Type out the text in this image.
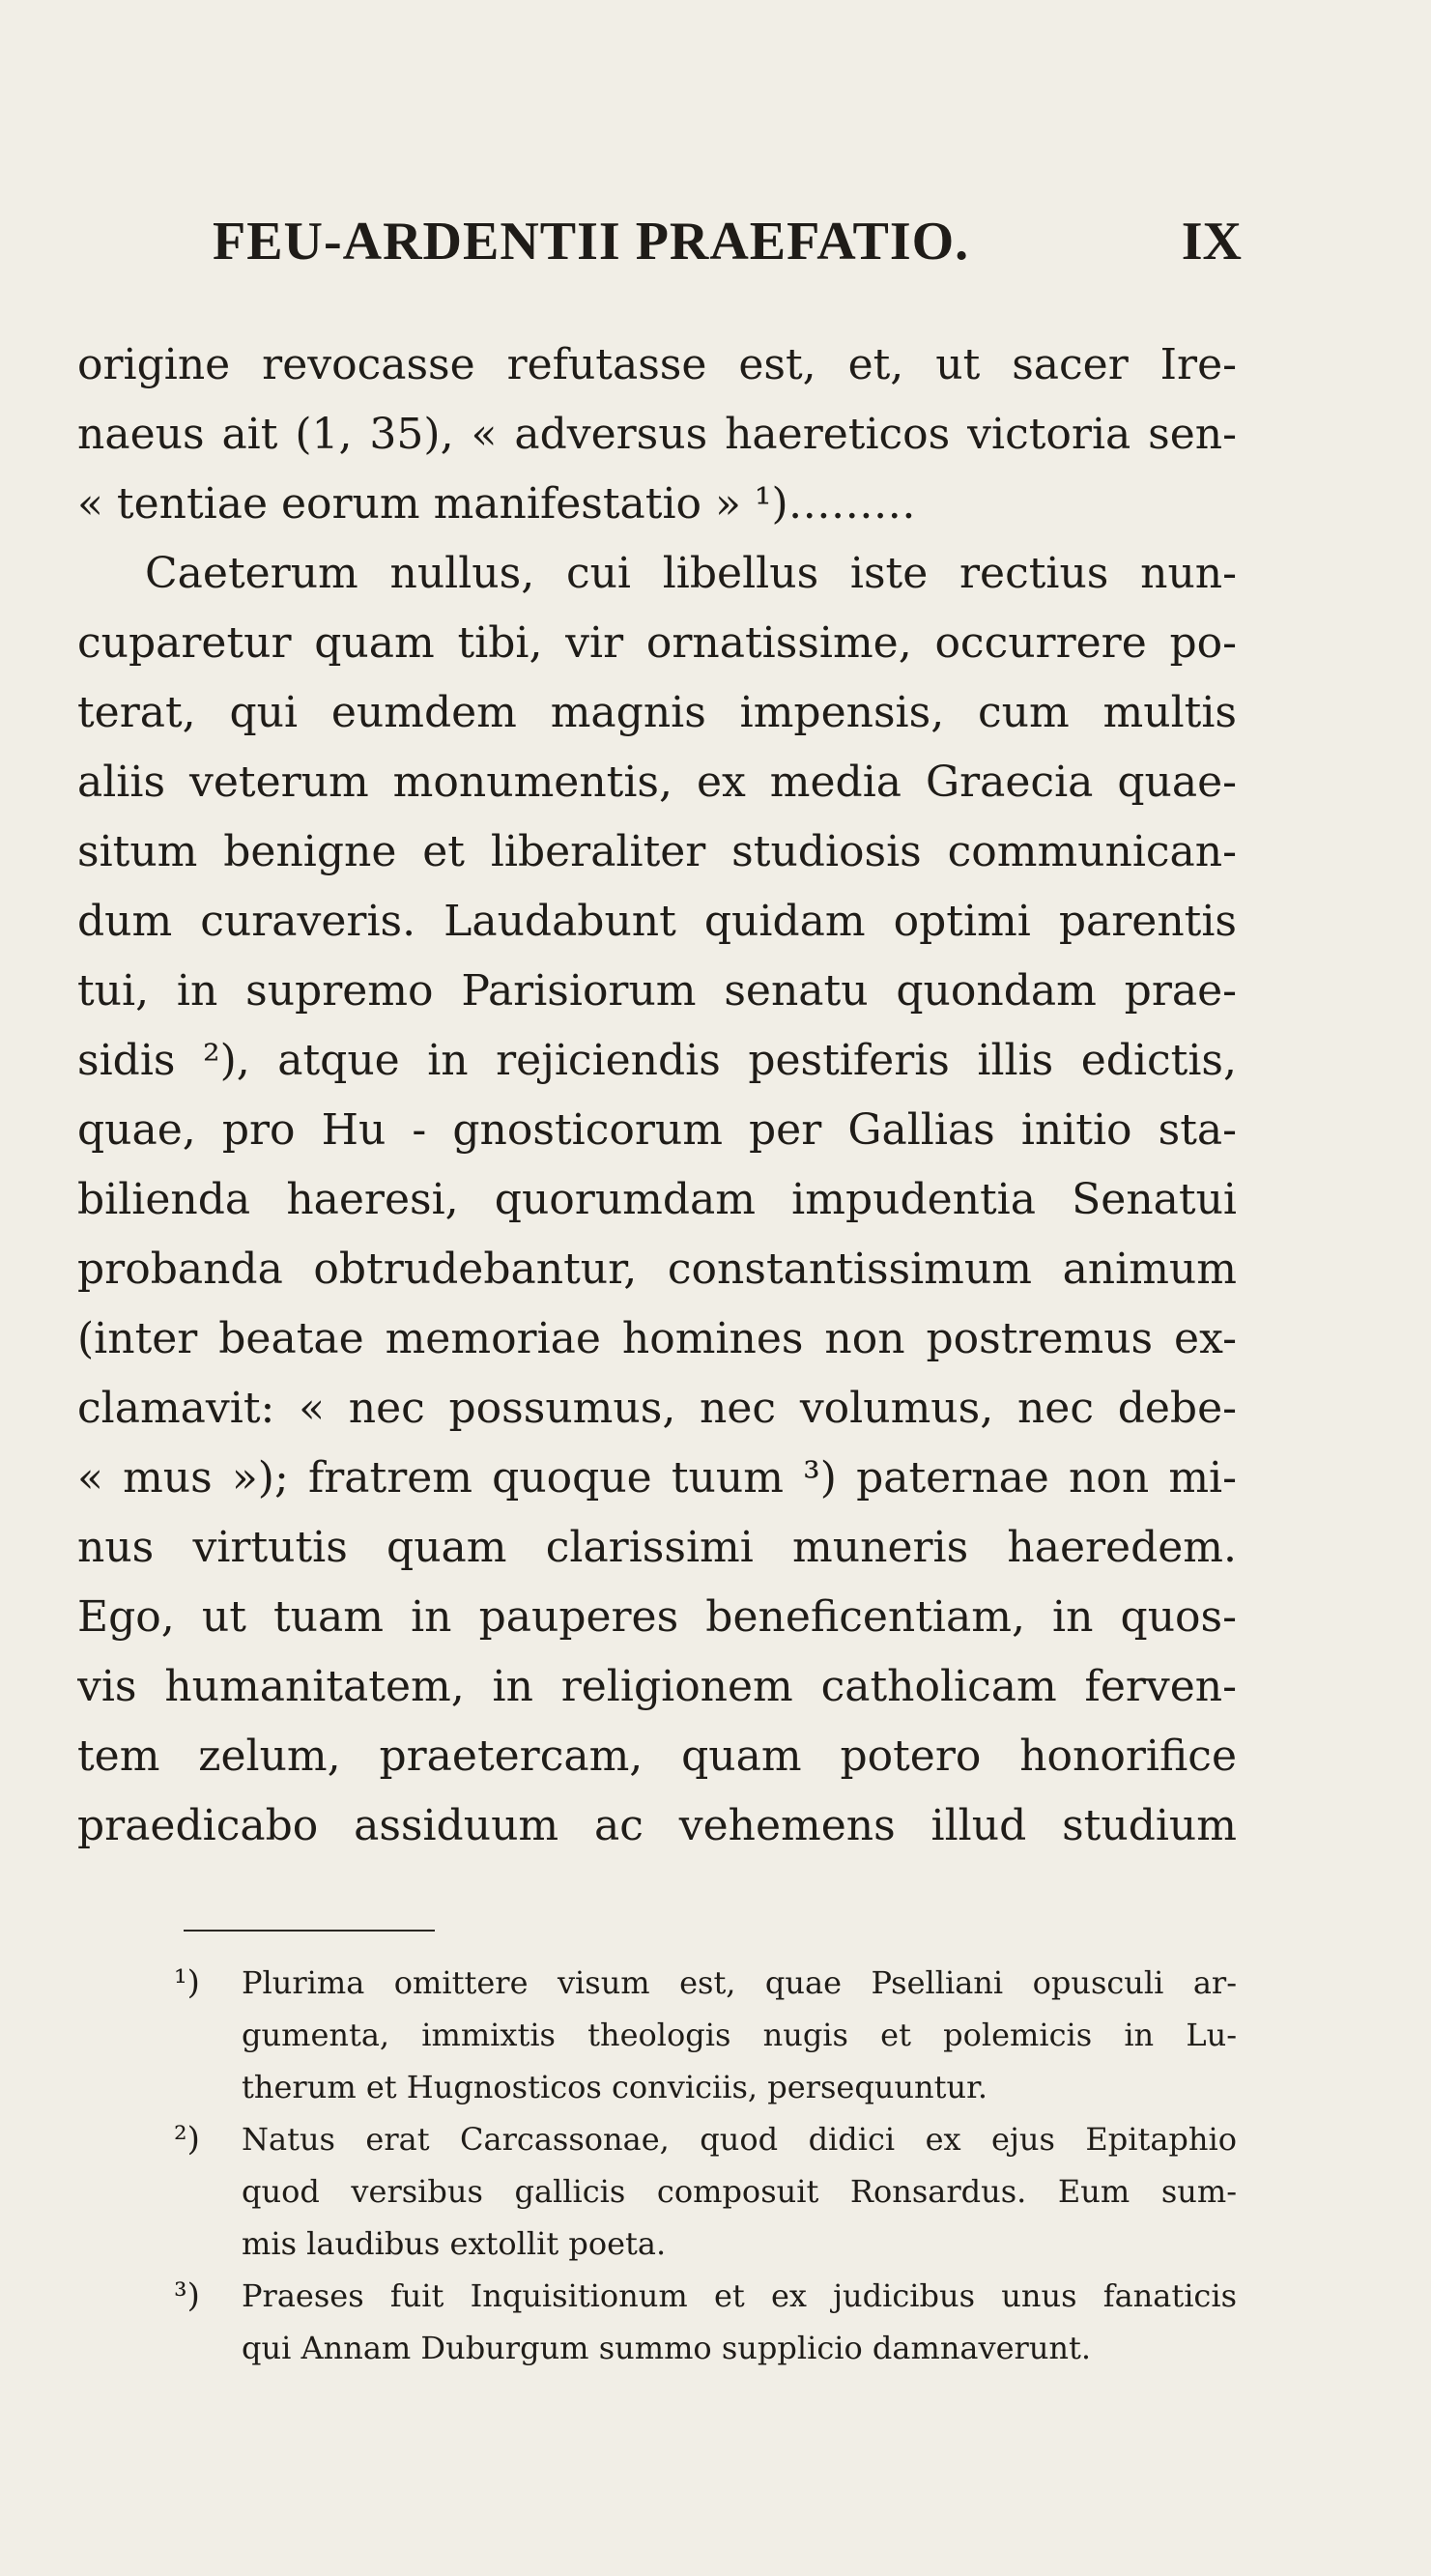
FEU-ARDENTII PRAEFATIO.	IX
origine revocasse refutasse est, et, ut sacer Ire-
naeus ait (1, 35), « adversus haereticos victoria sen-
« tentiae eorum manifestatio » ¹)………
Caeterum nullus, cui libellus iste rectius nun-
cuparetur quam tibi, vir ornatissime, occurrere po-
terat, qui eumdem magnis impensis, cum multis
aliis veterum monumentis, ex media Graecia quae-
situm benigne et liberaliter studiosis communican-
dum curaveris. Laudabunt quidam optimi parentis
tui, in supremo Parisiorum senatu quondam prae-
sidis ²), atque in rejiciendis pestiferis illis edictis,
quae, pro Hu - gnosticorum per Gallias initio sta-
bilienda haeresi, quorumdam impudentia Senatui
probanda obtrudebantur, constantissimum animum
(inter beatae memoriae homines non postremus ex-
clamavit: « nec possumus, nec volumus, nec debe-
« mus »); fratrem quoque tuum ³) paternae non mi-
nus virtutis quam clarissimi muneris haeredem.
Ego, ut tuam in pauperes beneficentiam, in quos-
vis humanitatem, in religionem catholicam ferven-
tem zelum, praetercam, quam potero honorifice
praedicabo assiduum ac vehemens illud studium
¹) Plurima omittere visum est, quae Pselliani opusculi ar-
gumenta, immixtis theologis nugis et polemicis in Lu-
therum et Hugnosticos conviciis, persequuntur.
²) Natus erat Carcassonae, quod didici ex ejus Epitaphio
quod versibus gallicis composuit Ronsardus. Eum sum-
mis laudibus extollit poeta.
³) Praeses fuit Inquisitionum et ex judicibus unus fanaticis
qui Annam Duburgum summo supplicio damnaverunt.
